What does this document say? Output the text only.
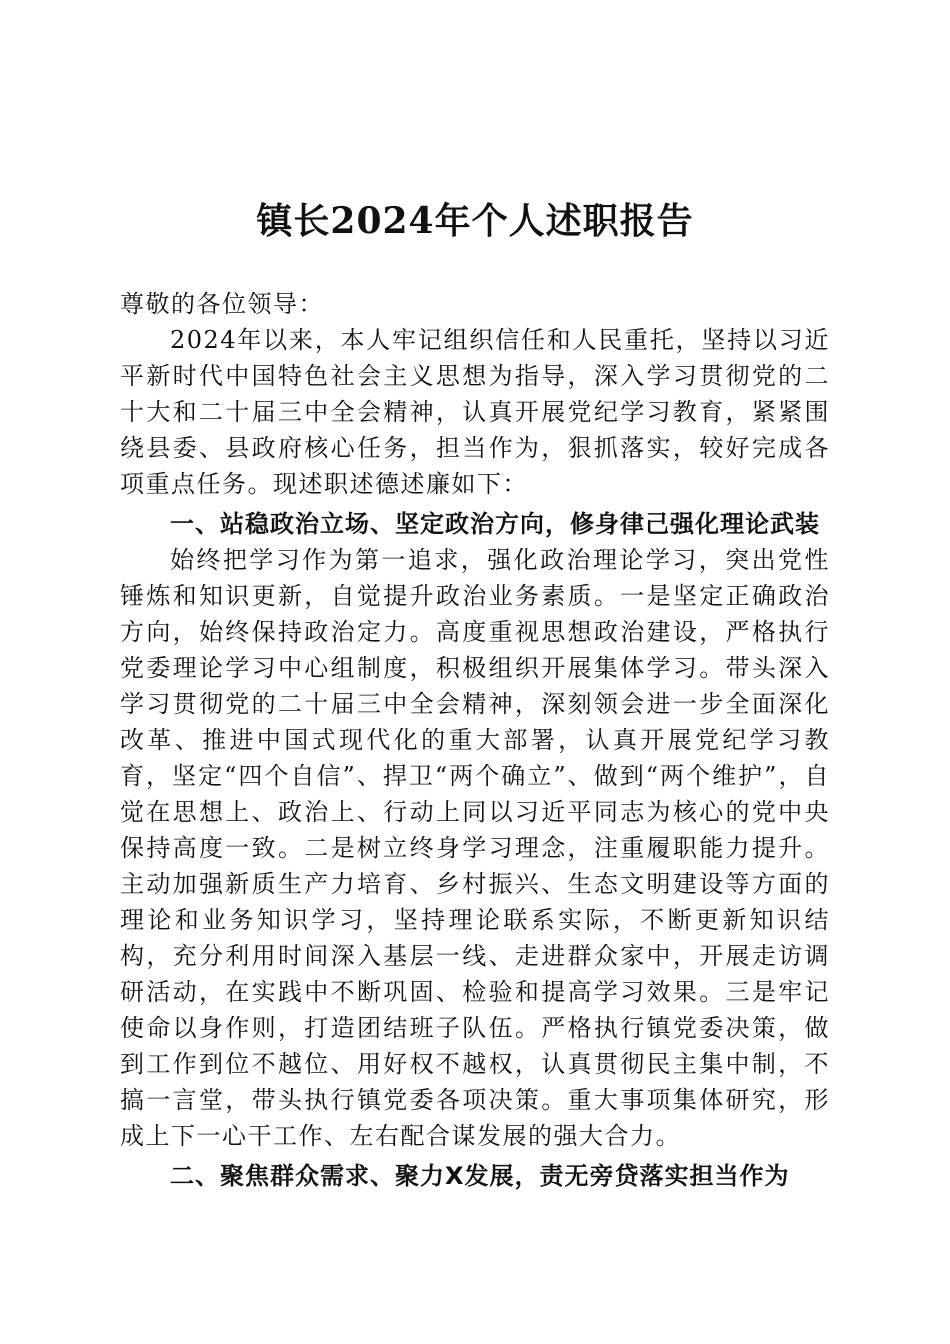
镇长2024年个人述职报告

尊敬的各位领导：

2024年以来，本人牢记组织信任和人民重托，坚持以习近平新时代中国特色社会主义思想为指导，深入学习贯彻党的二十大和二十届三中全会精神，认真开展党纪学习教育，紧紧围绕县委、县政府核心任务，担当作为，狠抓落实，较好完成各项重点任务。现述职述德述廉如下：

一、站稳政治立场、坚定政治方向，修身律己强化理论武装

始终把学习作为第一追求，强化政治理论学习，突出党性锤炼和知识更新，自觉提升政治业务素质。一是坚定正确政治方向，始终保持政治定力。高度重视思想政治建设，严格执行党委理论学习中心组制度，积极组织开展集体学习。带头深入学习贯彻党的二十届三中全会精神，深刻领会进一步全面深化改革、推进中国式现代化的重大部署，认真开展党纪学习教育，坚定“四个自信”、捍卫“两个确立”、做到“两个维护”，自觉在思想上、政治上、行动上同以习近平同志为核心的党中央保持高度一致。二是树立终身学习理念，注重履职能力提升。主动加强新质生产力培育、乡村振兴、生态文明建设等方面的理论和业务知识学习，坚持理论联系实际，不断更新知识结构，充分利用时间深入基层一线、走进群众家中，开展走访调研活动，在实践中不断巩固、检验和提高学习效果。三是牢记使命以身作则，打造团结班子队伍。严格执行镇党委决策，做到工作到位不越位、用好权不越权，认真贯彻民主集中制，不搞一言堂，带头执行镇党委各项决策。重大事项集体研究，形成上下一心干工作、左右配合谋发展的强大合力。

二、聚焦群众需求、聚力X发展，责无旁贷落实担当作为
